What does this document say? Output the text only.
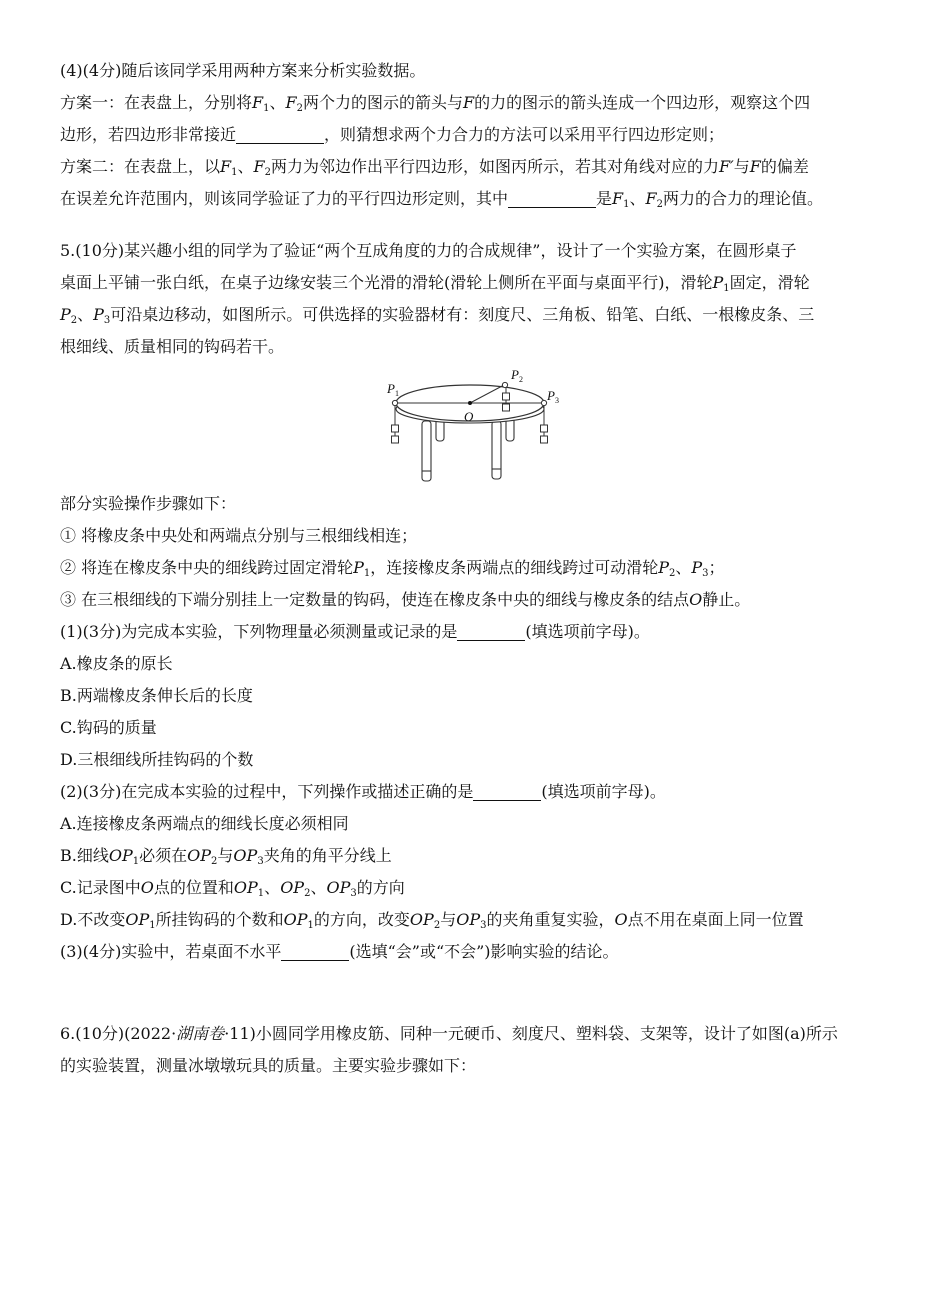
(4)(4分)随后该同学采用两种方案来分析实验数据。
方案一：在表盘上，分别将$F_1$、$F_2$两个力的图示的箭头与F的力的图示的箭头连成一个四边形，观察这个四
边形，若四边形非常接近	，则猜想求两个力合力的方法可以采用平行四边形定则；
方案二：在表盘上，以$F_1$、$F_2$两力为邻边作出平行四边形，如图丙所示，若其对角线对应的力F′与F的偏差
在误差允许范围内，则该同学验证了力的平行四边形定则，其中	是$F_1$、$F_2$两力的合力的理论值。
5.(10分)某兴趣小组的同学为了验证“两个互成角度的力的合成规律”，设计了一个实验方案，在圆形桌子
桌面上平铺一张白纸，在桌子边缘安装三个光滑的滑轮(滑轮上侧所在平面与桌面平行)，滑轮$P_1$固定，滑轮
$P_2$、$P_3$可沿桌边移动，如图所示。可供选择的实验器材有：刻度尺、三角板、铅笔、白纸、一根橡皮条、三
根细线、质量相同的钩码若干。
$P_1$
$P_2$
$P_3$
O
部分实验操作步骤如下：
① 将橡皮条中央处和两端点分别与三根细线相连；
② 将连在橡皮条中央的细线跨过固定滑轮$P_1$，连接橡皮条两端点的细线跨过可动滑轮$P_2$、$P_3$；
③ 在三根细线的下端分别挂上一定数量的钩码，使连在橡皮条中央的细线与橡皮条的结点O静止。
(1)(3分)为完成本实验，下列物理量必须测量或记录的是	(填选项前字母)。
A.橡皮条的原长
B.两端橡皮条伸长后的长度
C.钩码的质量
D.三根细线所挂钩码的个数
(2)(3分)在完成本实验的过程中，下列操作或描述正确的是	(填选项前字母)。
A.连接橡皮条两端点的细线长度必须相同
B.细线$OP_1$必须在$OP_2$与$OP_3$夹角的角平分线上
C.记录图中O点的位置和$OP_1$、$OP_2$、$OP_3$的方向
D.不改变$OP_1$所挂钩码的个数和$OP_1$的方向，改变$OP_2$与$OP_3$的夹角重复实验，O点不用在桌面上同一位置
(3)(4分)实验中，若桌面不水平	(选填“会”或“不会”)影响实验的结论。
6.(10分)(2022·湖南卷·11)小圆同学用橡皮筋、同种一元硬币、刻度尺、塑料袋、支架等，设计了如图(a)所示
的实验装置，测量冰墩墩玩具的质量。主要实验步骤如下：
